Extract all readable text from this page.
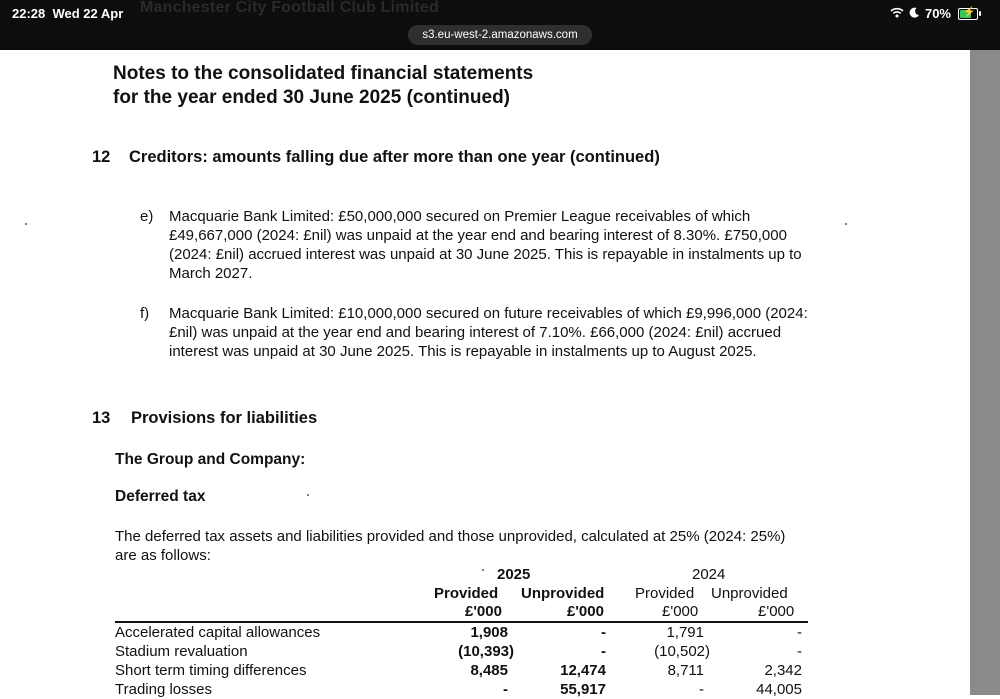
Manchester City Football Club Limited
22:28 Wed 22 Apr	70% ⚡
s3.eu-west-2.amazonaws.com
Notes to the consolidated financial statements
for the year ended 30 June 2025 (continued)
12 Creditors: amounts falling due after more than one year (continued)
e) Macquarie Bank Limited: £50,000,000 secured on Premier League receivables of which £49,667,000 (2024: £nil) was unpaid at the year end and bearing interest of 8.30%. £750,000 (2024: £nil) accrued interest was unpaid at 30 June 2025. This is repayable in instalments up to March 2027.
f) Macquarie Bank Limited: £10,000,000 secured on future receivables of which £9,996,000 (2024: £nil) was unpaid at the year end and bearing interest of 7.10%. £66,000 (2024: £nil) accrued interest was unpaid at 30 June 2025. This is repayable in instalments up to August 2025.
13 Provisions for liabilities
The Group and Company:
Deferred tax
The deferred tax assets and liabilities provided and those unprovided, calculated at 25% (2024: 25%) are as follows:
2025	2024
Provided Unprovided Provided Unprovided
£'000	£'000	£'000	£'000
Accelerated capital allowances	1,908	-	1,791	-
Stadium revaluation	(10,393)	-	(10,502)	-
Short term timing differences	8,485	12,474	8,711	2,342
Trading losses	-	55,917	-	44,005
